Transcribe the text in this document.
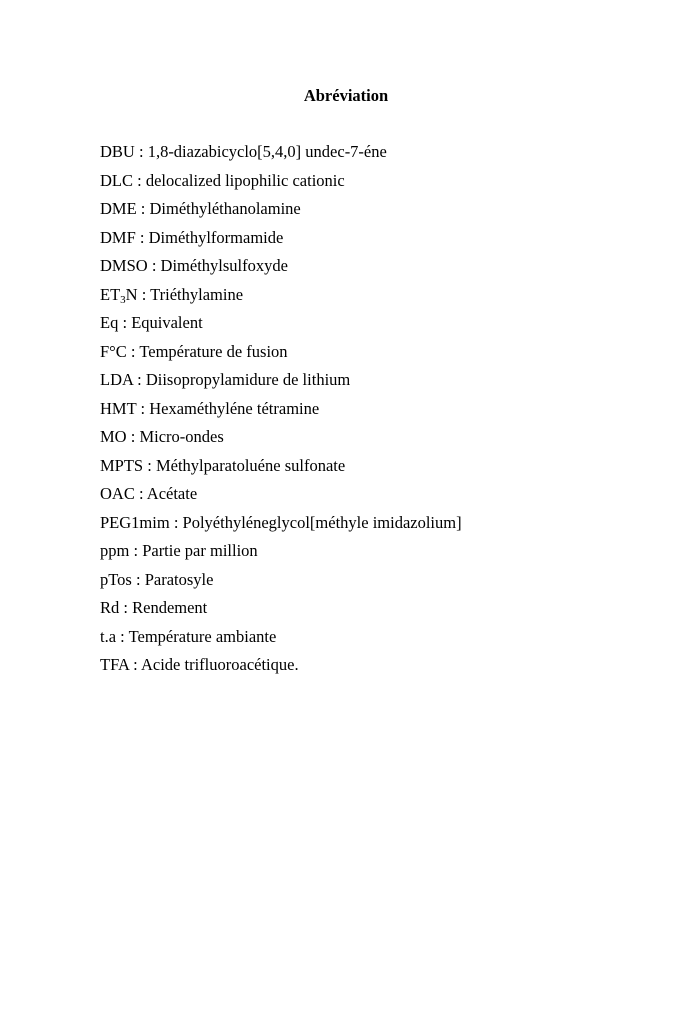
Abréviation
DBU : 1,8-diazabicyclo[5,4,0] undec-7-éne
DLC : delocalized lipophilic cationic
DME : Diméthyléthanolamine
DMF : Diméthylformamide
DMSO : Diméthylsulfoxyde
$ET_3N$ : Triéthylamine
Eq : Equivalent
F°C : Température de fusion
LDA : Diisopropylamidure de lithium
HMT : Hexaméthyléne tétramine
MO : Micro-ondes
MPTS : Méthylparatoluéne sulfonate
OAC : Acétate
PEG1mim : Polyéthyléneglycol[méthyle imidazolium]
ppm : Partie par million
pTos : Paratosyle
Rd : Rendement
t.a : Température ambiante
TFA : Acide trifluoroacétique.
